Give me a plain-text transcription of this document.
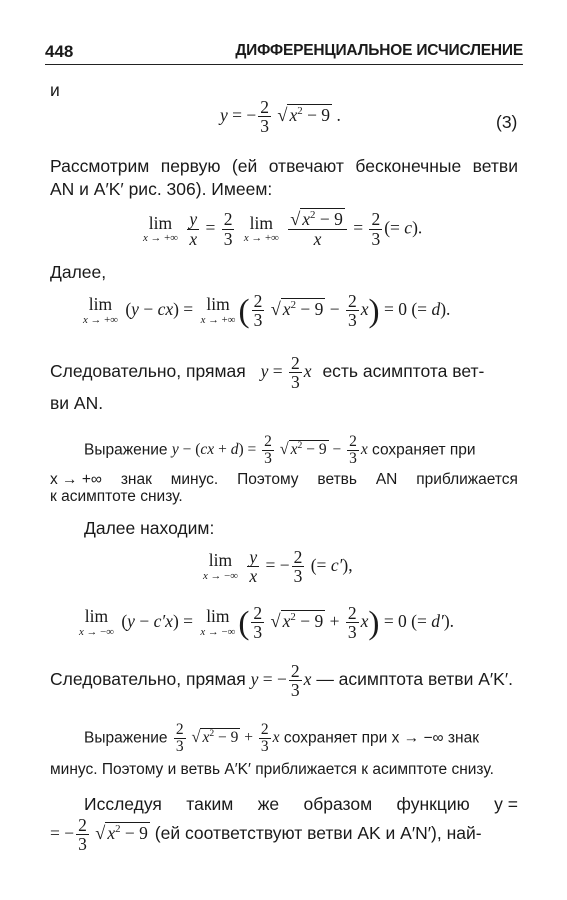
448	ДИФФЕРЕНЦИАЛЬНОЕ ИСЧИСЛЕНИЕ
и
y = − $\frac{2}{3}$ √ $x^2 - 9$ .	(3)
Рассмотрим первую (ей отвечают бесконечные ветви
AN и A′K′ рис. 306). Имеем:
lim
x → +∞
$\frac{y}{x} = \frac{2}{3}$
lim
x → +∞
$\frac{√ x^2 - 9}{x} = \frac{2}{3}$ (= c).
Далее,
lim
x → +∞
(y − cx) = lim
x → +∞ ( $\frac{2}{3}$ √ $x^2 - 9 - \frac{2}{3} x) = 0$ (= d).
Следовательно, прямая $y = \frac{2}{3}$ x есть асимптота вет-
ви AN.
Выражение $y - (cx + d) = \frac{2}{3}$ √ $x^2 - 9 - \frac{2}{3}$ x сохраняет при
x → +∞ знак минус. Поэтому ветвь AN приближается
к асимптоте снизу.
Далее находим:
lim
x → −∞
$\frac{y}{x}$ = − $\frac{2}{3}$ (= c′),
lim
x → −∞
(y − c′x) = lim
x → −∞ ( $\frac{2}{3}$ √ $x^2 - 9 + \frac{2}{3} x) = 0$ (= d′).
Следовательно, прямая y = − $\frac{2}{3}$ x — асимптота ветви A′K′.
Выражение $\frac{2}{3}$ √ $x^2 - 9 + \frac{2}{3}$ x сохраняет при x → −∞ знак
минус. Поэтому и ветвь A′K′ приближается к асимптоте снизу.
Исследуя таким же образом функцию y =
= − $\frac{2}{3}$ √ $x^2 - 9$ (ей соответствуют ветви AK и A′N′), най-
